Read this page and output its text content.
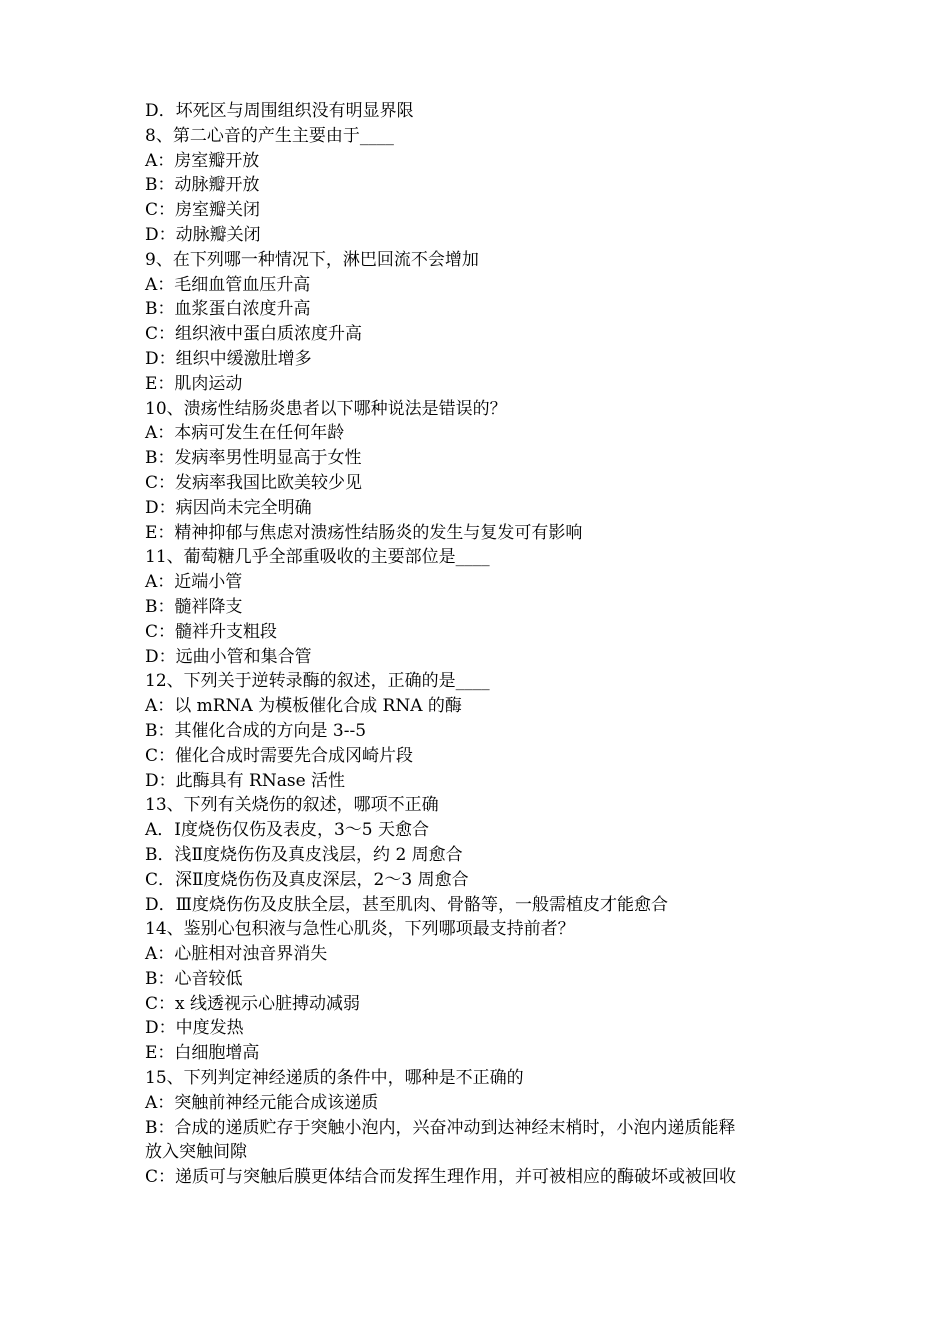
D．坏死区与周围组织没有明显界限
8、第二心音的产生主要由于____
A：房室瓣开放
B：动脉瓣开放
C：房室瓣关闭
D：动脉瓣关闭
9、在下列哪一种情况下，淋巴回流不会增加
A：毛细血管血压升高
B：血浆蛋白浓度升高
C：组织液中蛋白质浓度升高
D：组织中缓激肚增多
E：肌肉运动
10、溃疡性结肠炎患者以下哪种说法是错误的？
A：本病可发生在任何年龄
B：发病率男性明显高于女性
C：发病率我国比欧美较少见
D：病因尚未完全明确
E：精神抑郁与焦虑对溃疡性结肠炎的发生与复发可有影响
11、葡萄糖几乎全部重吸收的主要部位是____
A：近端小管
B：髓袢降支
C：髓袢升支粗段
D：远曲小管和集合管
12、下列关于逆转录酶的叙述，正确的是____
A：以 mRNA 为模板催化合成 RNA 的酶
B：其催化合成的方向是 3--5
C：催化合成时需要先合成冈崎片段
D：此酶具有 RNase 活性
13、下列有关烧伤的叙述，哪项不正确
A．Ⅰ度烧伤仅伤及表皮，3～5 天愈合
B．浅Ⅱ度烧伤伤及真皮浅层，约 2 周愈合
C．深Ⅱ度烧伤伤及真皮深层，2～3 周愈合
D．Ⅲ度烧伤伤及皮肤全层，甚至肌肉、骨骼等，一般需植皮才能愈合
14、鉴别心包积液与急性心肌炎，下列哪项最支持前者？
A：心脏相对浊音界消失
B：心音较低
C：x 线透视示心脏搏动减弱
D：中度发热
E：白细胞增高
15、下列判定神经递质的条件中，哪种是不正确的
A：突触前神经元能合成该递质
B：合成的递质贮存于突触小泡内，兴奋冲动到达神经末梢时，小泡内递质能释
放入突触间隙
C：递质可与突触后膜更体结合而发挥生理作用，并可被相应的酶破坏或被回收
